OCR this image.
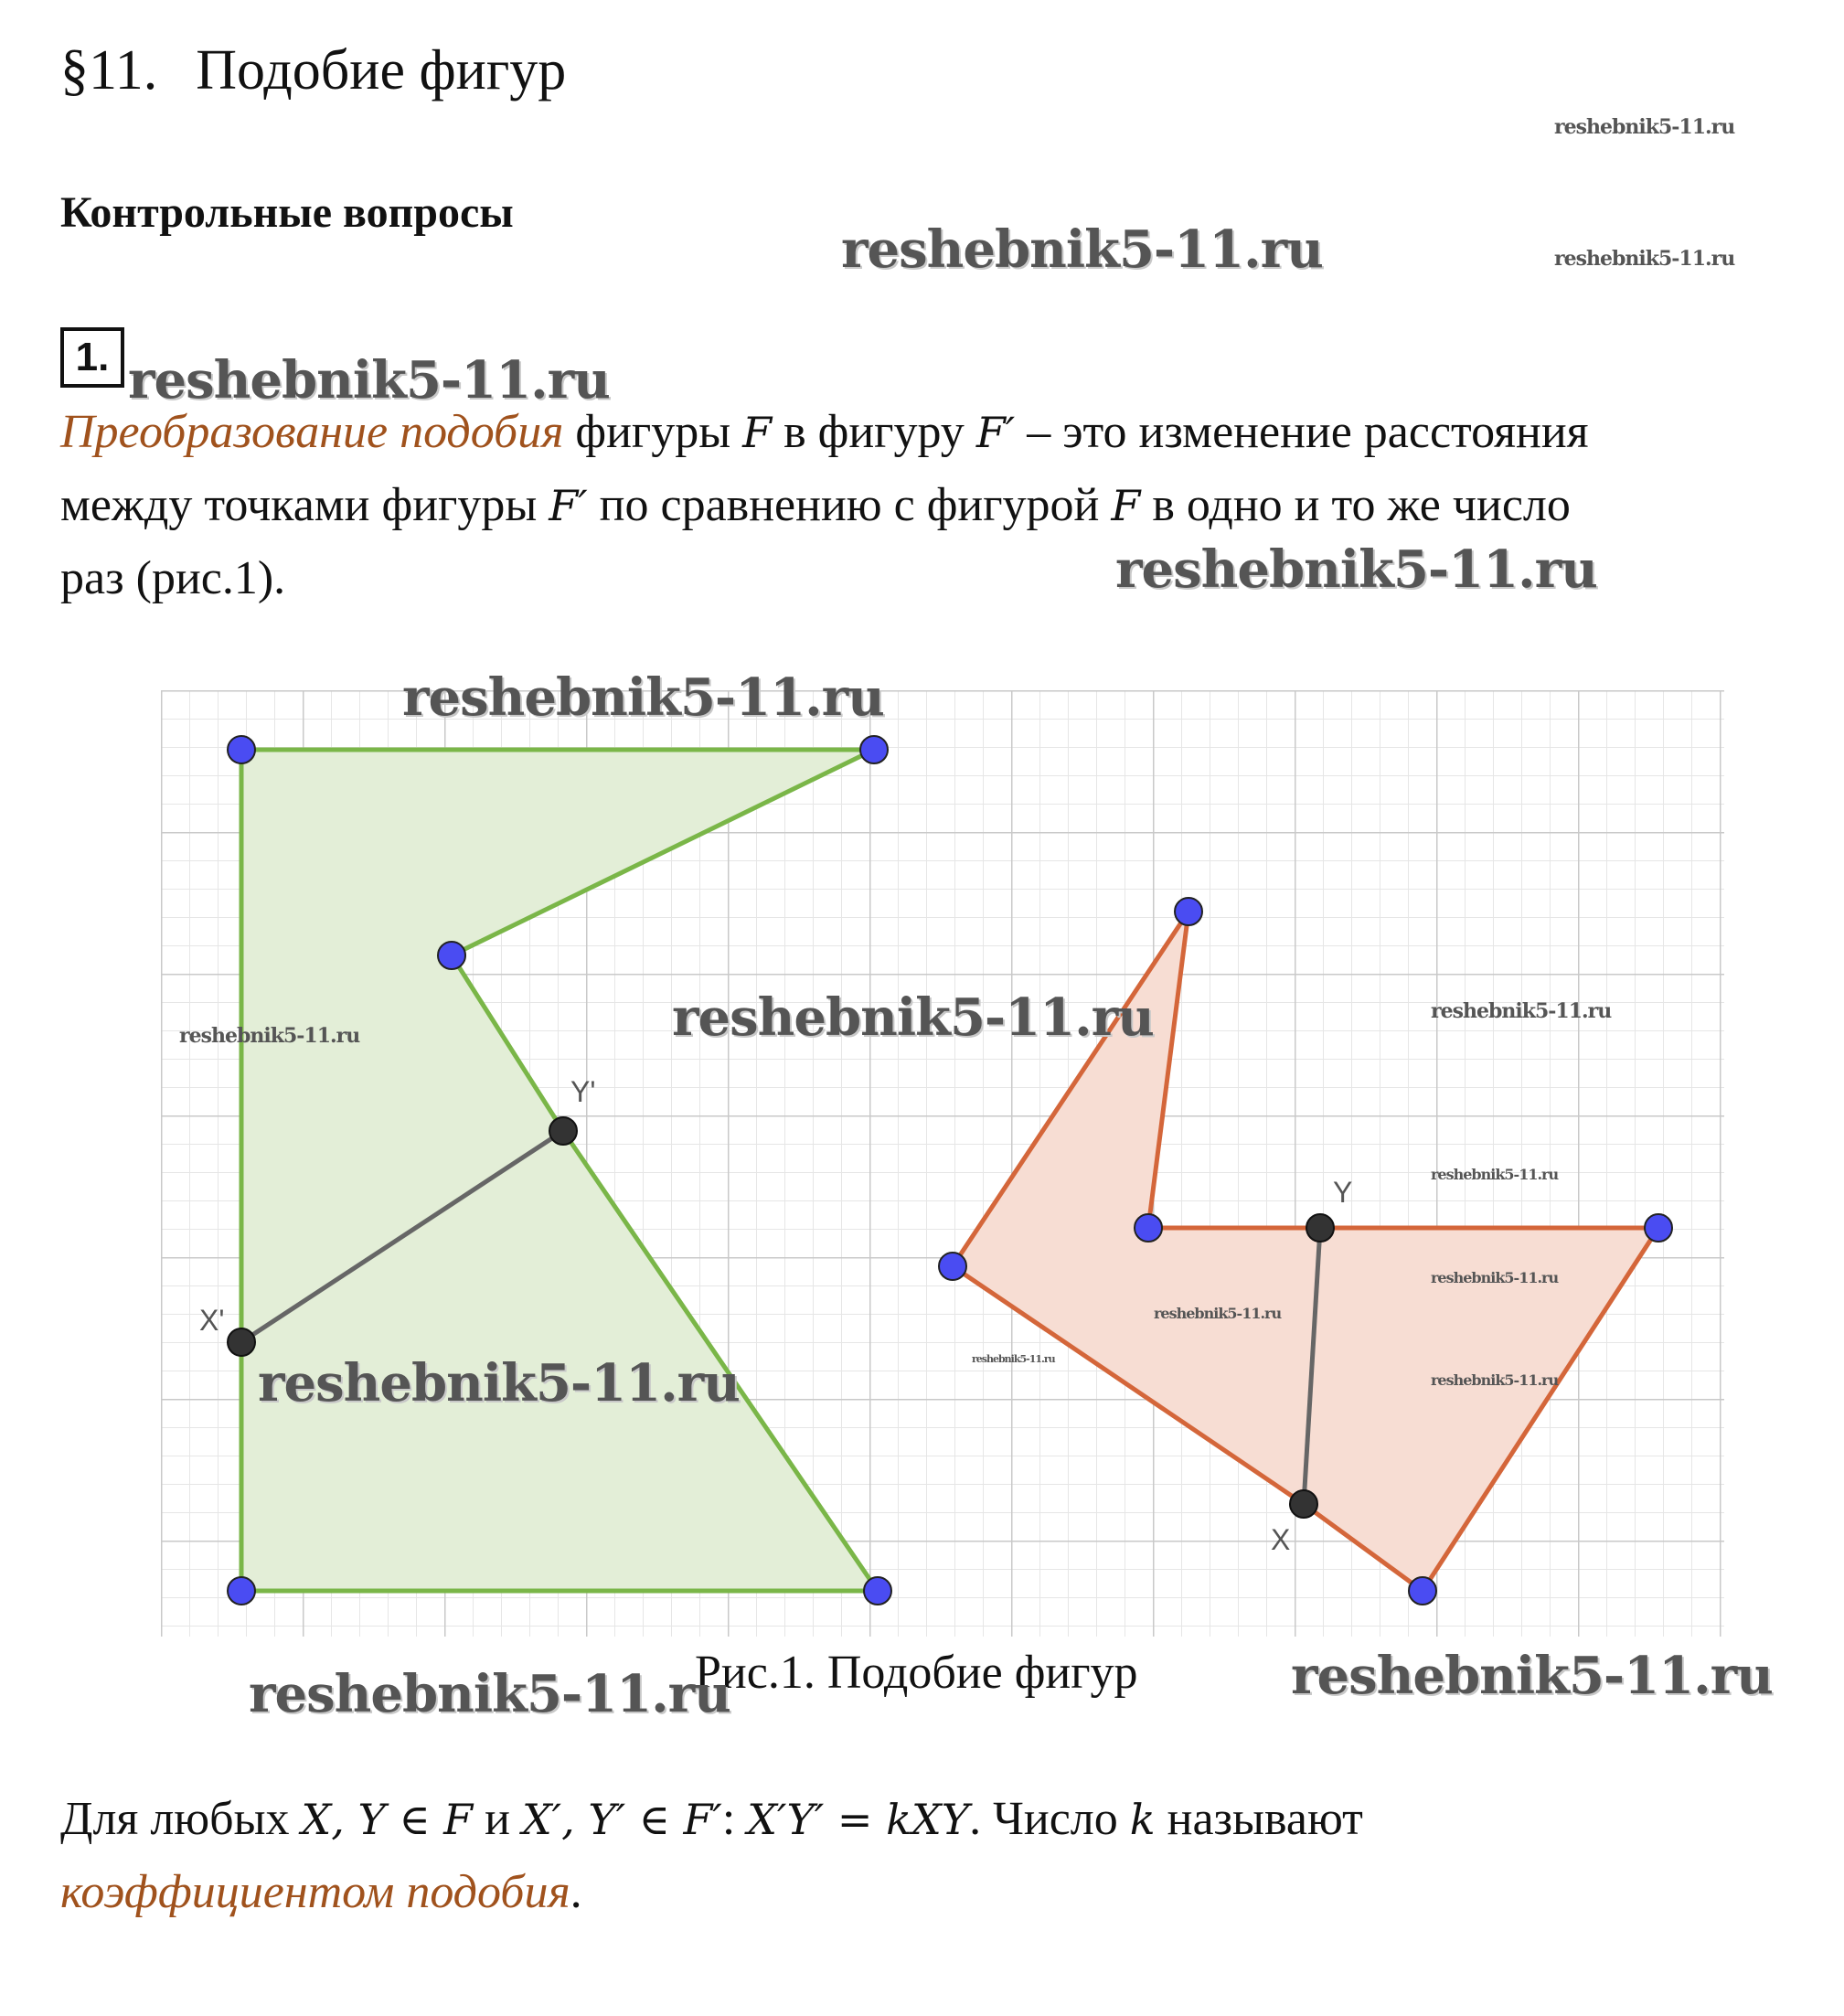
§11. Подобие фигур
Контрольные вопросы
1.
Преобразование подобия фигуры F в фигуру F′ – это изменение расстояния
между точками фигуры F′ по сравнению с фигурой F в одно и то же число
раз (рис.1).
Y'
X'
Y
X
Рис.1. Подобие фигур
Для любых X, Y ∈ F и X′, Y′ ∈ F′: X′Y′ = kXY. Число k называют
коэффициентом подобия.
reshebnik5-11.ru
reshebnik5-11.ru
reshebnik5-11.ru
reshebnik5-11.ru
reshebnik5-11.ru
reshebnik5-11.ru
reshebnik5-11.ru
reshebnik5-11.ru
reshebnik5-11.ru
reshebnik5-11.ru
reshebnik5-11.ru
reshebnik5-11.ru
reshebnik5-11.ru
reshebnik5-11.ru
reshebnik5-11.ru
reshebnik5-11.ru	reshebnik5-11.ru
